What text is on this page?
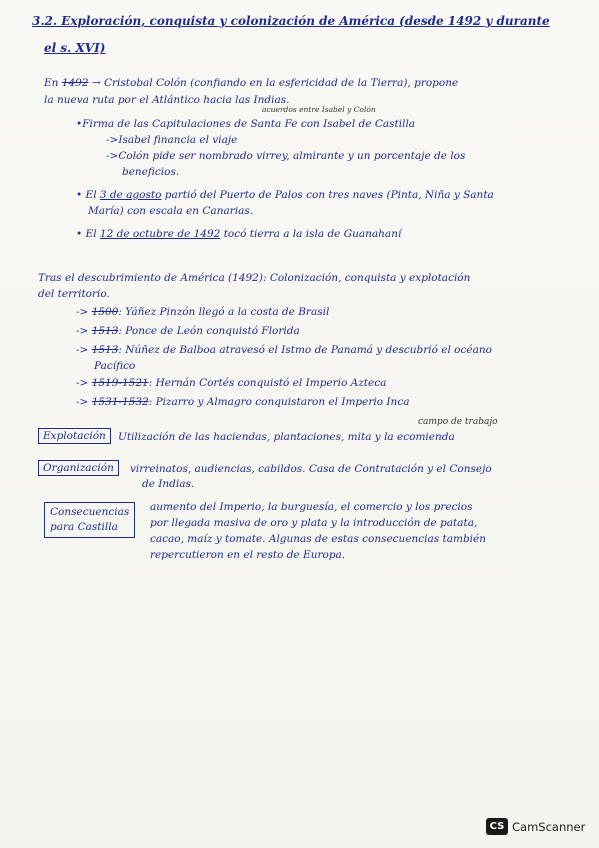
3.2. Exploración, conquista y colonización de América (desde 1492 y durante
el s. XVI)
En 1492 → Cristobal Colón (confiando en la esfericidad de la Tierra), propone
acuerdos entre Isabel y Colón
la nueva ruta por el Atlántico hacia las Indias.
•Firma de las Capitulaciones de Santa Fe con Isabel de Castilla
->Isabel financia el viaje
->Colón pide ser nombrado virrey, almirante y un porcentaje de los
beneficios.
• El 3 de agosto partió del Puerto de Palos con tres naves (Pinta, Niña y Santa
María) con escala en Canarias.
• El 12 de octubre de 1492 tocó tierra a la isla de Guanahaní
Tras el descubrimiento de América (1492): Colonización, conquista y explotación
del territorio.
-> 1500: Yáñez Pinzón llegó a la costa de Brasil
-> 1513: Ponce de León conquistó Florida
-> 1513: Núñez de Balboa atravesó el Istmo de Panamá y descubrió el océano
Pacífico
-> 1519-1521: Hernán Cortés conquistó el Imperio Azteca
-> 1531-1532: Pizarro y Almagro conquistaron el Imperio Inca
campo de trabajo
Explotación	Utilización de las haciendas, plantaciones, mita y la ecomienda
Organización	virreinatos, audiencias, cabildos. Casa de Contratación y el Consejo
de Indias.
Consecuencias
para Castilla
aumento del Imperio, la burguesía, el comercio y los precios
por llegada masiva de oro y plata y la introducción de patata,
cacao, maíz y tomate. Algunas de estas consecuencias también
repercutieron en el resto de Europa.
CS CamScanner
